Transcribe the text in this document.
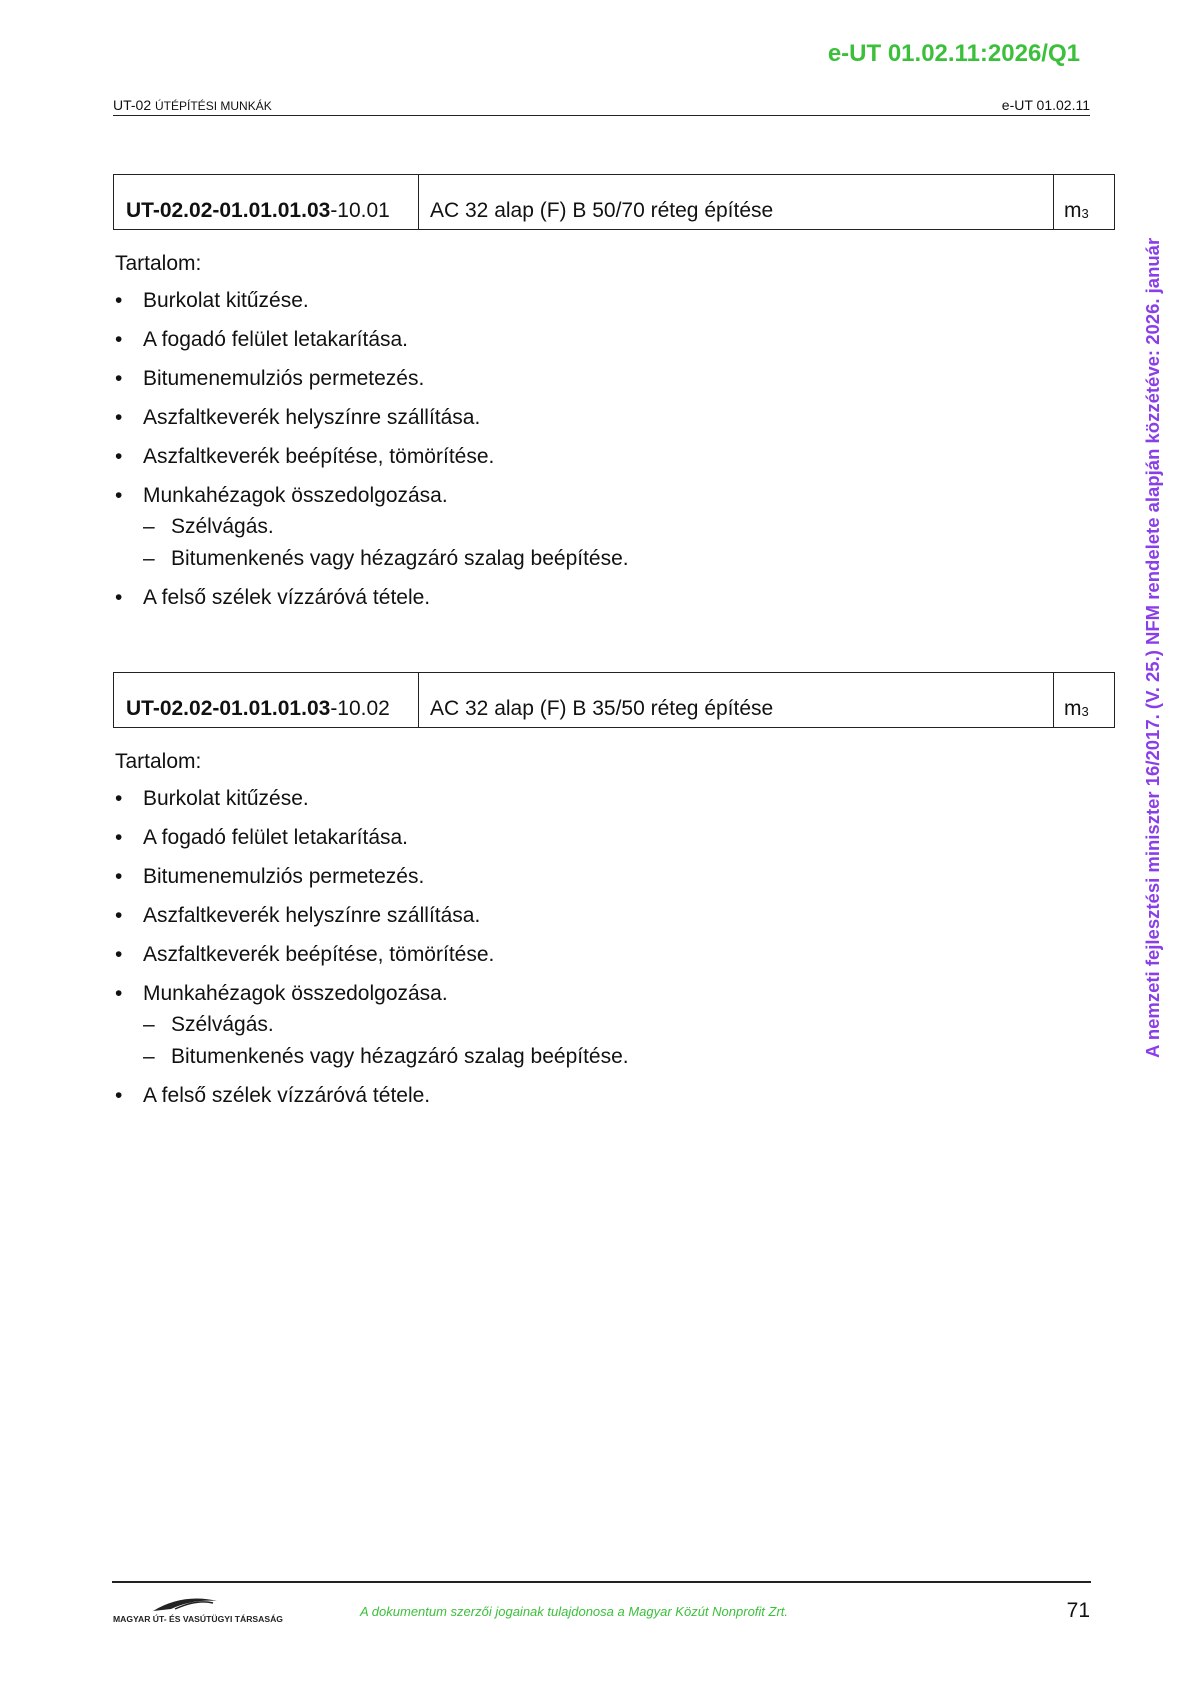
e-UT 01.02.11:2026/Q1
UT-02 ÚTÉPÍTÉSI MUNKÁK	e-UT 01.02.11
A nemzeti fejlesztési miniszter 16/2017. (V. 25.) NFM rendelete alapján közzétéve: 2026. január
UT-02.02-01.01.01.03 -10.01	AC 32 alap (F) B 50/70 réteg építése	$m^3$
Tartalom:
• Burkolat kitűzése.
• A fogadó felület letakarítása.
• Bitumenemulziós permetezés.
• Aszfaltkeverék helyszínre szállítása.
• Aszfaltkeverék beépítése, tömörítése.
• Munkahézagok összedolgozása.
– Szélvágás.
– Bitumenkenés vagy hézagzáró szalag beépítése.
• A felső szélek vízzáróvá tétele.
UT-02.02-01.01.01.03 -10.02	AC 32 alap (F) B 35/50 réteg építése	$m^3$
Tartalom:
• Burkolat kitűzése.
• A fogadó felület letakarítása.
• Bitumenemulziós permetezés.
• Aszfaltkeverék helyszínre szállítása.
• Aszfaltkeverék beépítése, tömörítése.
• Munkahézagok összedolgozása.
– Szélvágás.
– Bitumenkenés vagy hézagzáró szalag beépítése.
• A felső szélek vízzáróvá tétele.
MAGYAR ÚT- ÉS VASÚTÜGYI TÁRSASÁG	A dokumentum szerzői jogainak tulajdonosa a Magyar Közút Nonprofit Zrt.	71
